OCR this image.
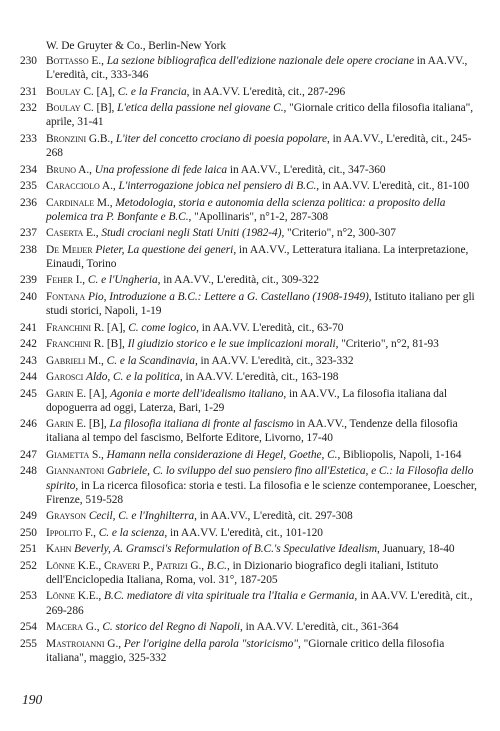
W. De Gruyter & Co., Berlin-New York
230 Bottasso E., La sezione bibliografica dell'edizione nazionale dele opere crociane in AA.VV., L'eredità, cit., 333-346
231 Boulay C. [A], C. e la Francia, in AA.VV. L'eredità, cit., 287-296
232 Boulay C. [B], L'etica della passione nel giovane C., "Giornale critico della filosofia italiana", aprile, 31-41
233 Bronzini G.B., L'iter del concetto crociano di poesia popolare, in AA.VV., L'eredità, cit., 245-268
234 Bruno A., Una professione di fede laica in AA.VV., L'eredità, cit., 347-360
235 Caracciolo A., L'interrogazione jobica nel pensiero di B.C., in AA.VV. L'eredità, cit., 81-100
236 Cardinale M., Metodologia, storia e autonomia della scienza politica: a proposito della polemica tra P. Bonfante e B.C., "Apollinaris", n°1-2, 287-308
237 Caserta E., Studi crociani negli Stati Uniti (1982-4), "Criterio", n°2, 300-307
238 De Meijer Pieter, La questione dei generi, in AA.VV., Letteratura italiana. La interpretazione, Einaudi, Torino
239 Feher I., C. e l'Ungheria, in AA.VV., L'eredità, cit., 309-322
240 Fontana Pio, Introduzione a B.C.: Lettere a G. Castellano (1908-1949), Istituto italiano per gli studi storici, Napoli, 1-19
241 Franchini R. [A], C. come logico, in AA.VV. L'eredità, cit., 63-70
242 Franchini R. [B], Il giudizio storico e le sue implicazioni morali, "Criterio", n°2, 81-93
243 Gabrieli M., C. e la Scandinavia, in AA.VV. L'eredità, cit., 323-332
244 Garosci Aldo, C. e la politica, in AA.VV. L'eredità, cit., 163-198
245 Garin E. [A], Agonia e morte dell'idealismo italiano, in AA.VV., La filosofia italiana dal dopoguerra ad oggi, Laterza, Bari, 1-29
246 Garin E. [B], La filosofia italiana di fronte al fascismo in AA.VV., Tendenze della filosofia italiana al tempo del fascismo, Belforte Editore, Livorno, 17-40
247 Giametta S., Hamann nella considerazione di Hegel, Goethe, C., Bibliopolis, Napoli, 1-164
248 Giannantoni Gabriele, C. lo sviluppo del suo pensiero fino all'Estetica, e C.: la Filosofia dello spirito, in La ricerca filosofica: storia e testi. La filosofia e le scienze contemporanee, Loescher, Firenze, 519-528
249 Grayson Cecil, C. e l'Inghilterra, in AA.VV., L'eredità, cit. 297-308
250 Ippolito F., C. e la scienza, in AA.VV. L'eredità, cit., 101-120
251 Kahn Beverly, A. Gramsci's Reformulation of B.C.'s Speculative Idealism, Juanuary, 18-40
252 Lönne K.E., Craveri P., Patrizi G., B.C., in Dizionario biografico degli italiani, Istituto dell'Enciclopedia Italiana, Roma, vol. 31°, 187-205
253 Lönne K.E., B.C. mediatore di vita spirituale tra l'Italia e Germania, in AA.VV. L'eredità, cit., 269-286
254 Macera G., C. storico del Regno di Napoli, in AA.VV. L'eredità, cit., 361-364
255 Mastroianni G., Per l'origine della parola "storicismo", "Giornale critico della filosofia italiana", maggio, 325-332
190
